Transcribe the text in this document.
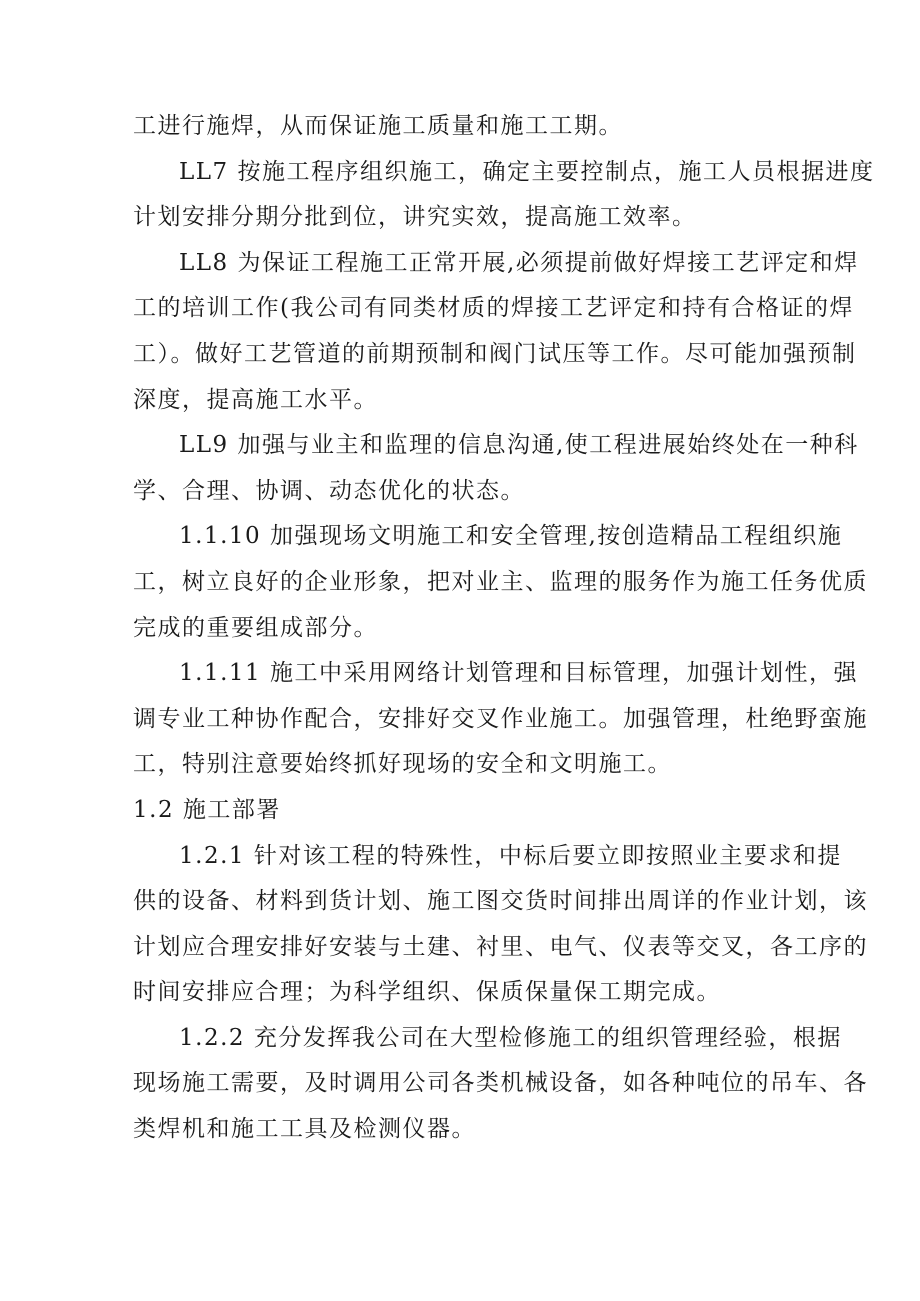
工进行施焊，从而保证施工质量和施工工期。

LL7 按施工程序组织施工，确定主要控制点，施工人员根据进度
计划安排分期分批到位，讲究实效，提高施工效率。

LL8 为保证工程施工正常开展,必须提前做好焊接工艺评定和焊
工的培训工作(我公司有同类材质的焊接工艺评定和持有合格证的焊
工）。做好工艺管道的前期预制和阀门试压等工作。尽可能加强预制
深度，提高施工水平。

LL9 加强与业主和监理的信息沟通,使工程进展始终处在一种科
学、合理、协调、动态优化的状态。

1.1.10 加强现场文明施工和安全管理,按创造精品工程组织施
工，树立良好的企业形象，把对业主、监理的服务作为施工任务优质
完成的重要组成部分。

1.1.11 施工中采用网络计划管理和目标管理，加强计划性，强
调专业工种协作配合，安排好交叉作业施工。加强管理，杜绝野蛮施
工，特别注意要始终抓好现场的安全和文明施工。

1.2 施工部署

1.2.1 针对该工程的特殊性，中标后要立即按照业主要求和提
供的设备、材料到货计划、施工图交货时间排出周详的作业计划，该
计划应合理安排好安装与土建、衬里、电气、仪表等交叉，各工序的
时间安排应合理；为科学组织、保质保量保工期完成。

1.2.2 充分发挥我公司在大型检修施工的组织管理经验，根据
现场施工需要，及时调用公司各类机械设备，如各种吨位的吊车、各
类焊机和施工工具及检测仪器。
